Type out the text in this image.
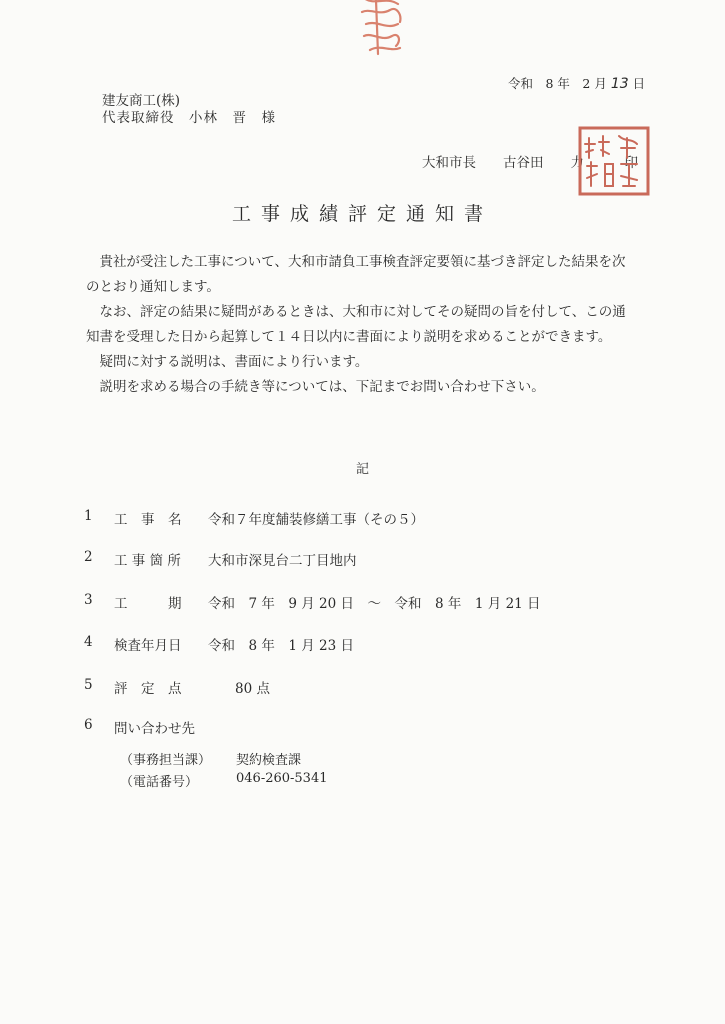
令和　8 年　2 月 13 日
建友商工(株)
代表取締役　小林　晋　様
大和市長　　古谷田　　力　　　印
工事成績評定通知書

　貴社が受注した工事について、大和市請負工事検査評定要領に基づき評定した結果を次のとおり通知します。

　なお、評定の結果に疑問があるときは、大和市に対してその疑問の旨を付して、この通知書を受理した日から起算して１４日以内に書面により説明を求めることができます。

　疑問に対する説明は、書面により行います。

　説明を求める場合の手続き等については、下記までお問い合わせ下さい。

記
1 工　事　名 令和７年度舗装修繕工事（その５）
2 工 事 箇 所 大和市深見台二丁目地内
3 工　　　期 令和　7 年　9 月 20 日　～　令和　8 年　1 月 21 日
4 検査年月日 令和　8 年　1 月 23 日
5 評　定　点 　　80 点
6 問い合わせ先
（事務担当課） 契約検査課
（電話番号）	046-260-5341
